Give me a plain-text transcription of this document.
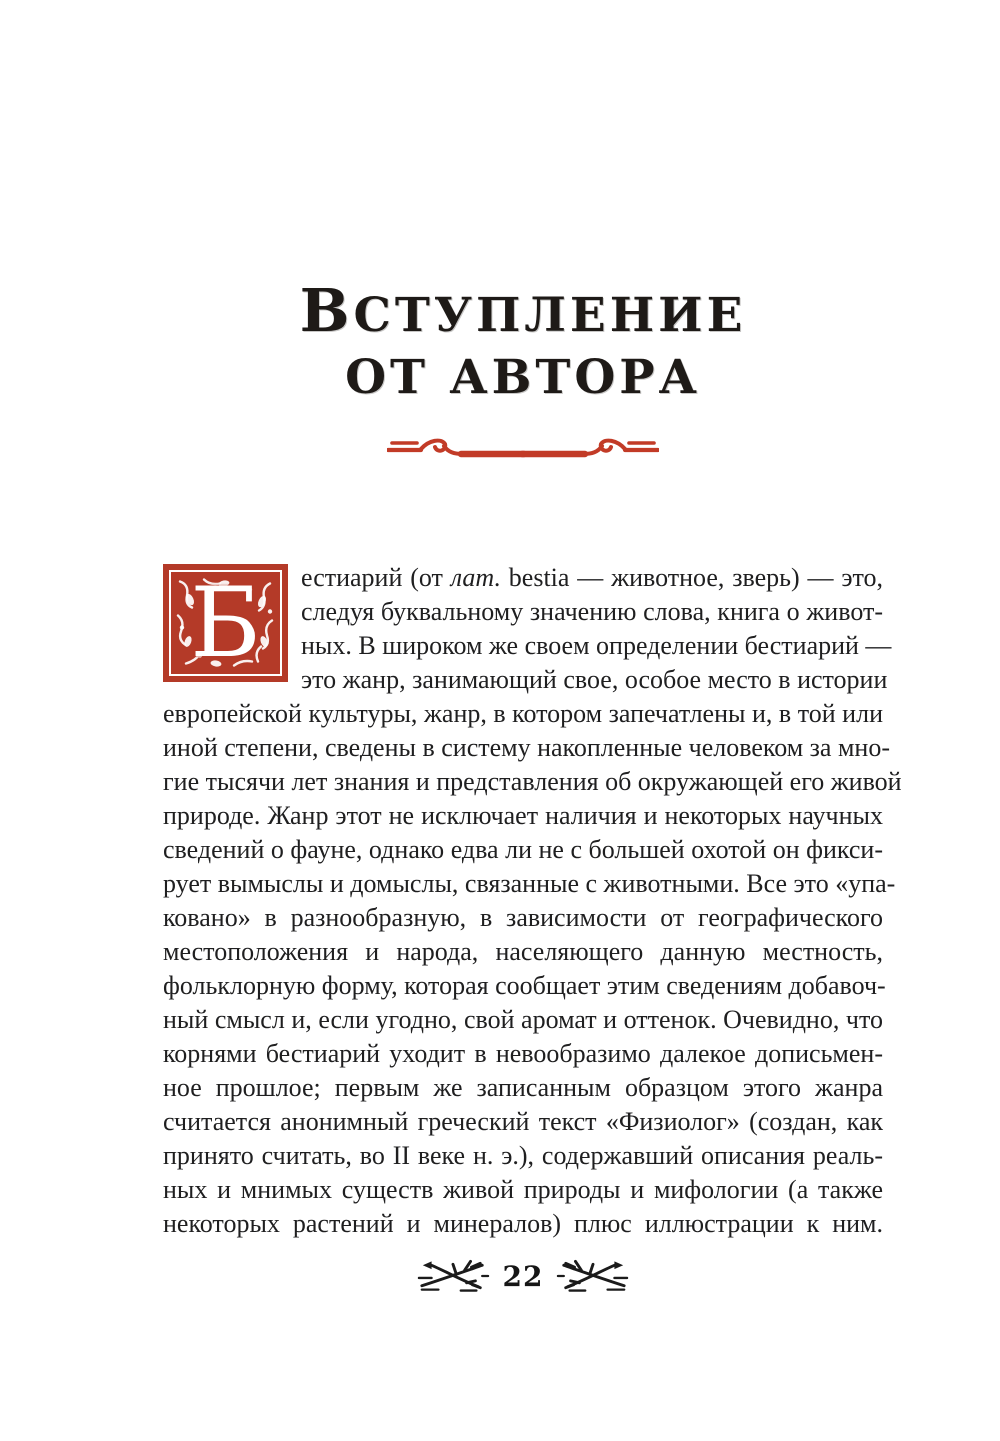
ВСТУПЛЕНИЕ
ОТ АВТОРА
Б естиарий (от лат. bestia — животное, зверь) — это,
следуя буквальному значению слова, книга о живот-
ных. В широком же своем определении бестиарий —
это жанр, занимающий свое, особое место в истории
европейской культуры, жанр, в котором запечатлены и, в той или
иной степени, сведены в систему накопленные человеком за мно-
гие тысячи лет знания и представления об окружающей его живой
природе. Жанр этот не исключает наличия и некоторых научных
сведений о фауне, однако едва ли не с большей охотой он фикси-
рует вымыслы и домыслы, связанные с животными. Все это «упа-
ковано» в разнообразную, в зависимости от географического
местоположения и народа, населяющего данную местность,
фольклорную форму, которая сообщает этим сведениям добавоч-
ный смысл и, если угодно, свой аромат и оттенок. Очевидно, что
корнями бестиарий уходит в невообразимо далекое дописьмен-
ное прошлое; первым же записанным образцом этого жанра
считается анонимный греческий текст «Физиолог» (создан, как
принято считать, во II веке н. э.), содержавший описания реаль-
ных и мнимых существ живой природы и мифологии (а также
некоторых растений и минералов) плюс иллюстрации к ним.
22
